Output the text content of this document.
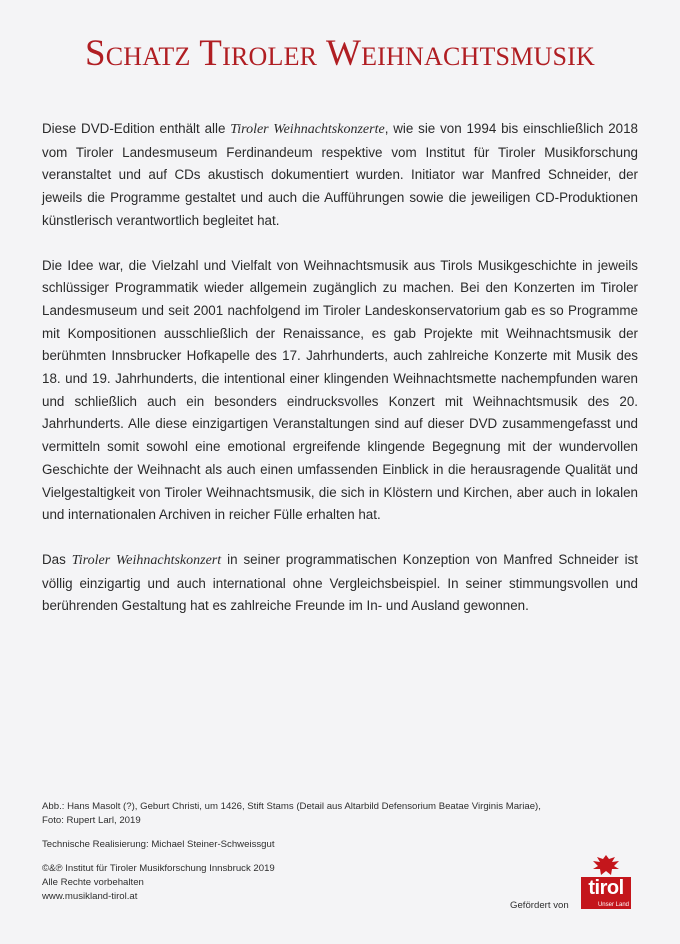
Schatz Tiroler Weihnachtsmusik

Diese DVD-Edition enthält alle Tiroler Weihnachtskonzerte, wie sie von 1994 bis einschließlich 2018 vom Tiroler Landesmuseum Ferdinandeum respektive vom Institut für Tiroler Musikforschung veranstaltet und auf CDs akustisch dokumentiert wurden. Initiator war Manfred Schneider, der jeweils die Programme gestaltet und auch die Aufführungen sowie die jeweiligen CD-Produktionen künstlerisch verantwortlich begleitet hat.

Die Idee war, die Vielzahl und Vielfalt von Weihnachtsmusik aus Tirols Musikgeschichte in jeweils schlüssiger Programmatik wieder allgemein zugänglich zu machen. Bei den Konzerten im Tiroler Landesmuseum und seit 2001 nachfolgend im Tiroler Landeskonservatorium gab es so Programme mit Kompositionen ausschließlich der Renaissance, es gab Projekte mit Weihnachtsmusik der berühmten Innsbrucker Hofkapelle des 17. Jahrhunderts, auch zahlreiche Konzerte mit Musik des 18. und 19. Jahrhunderts, die intentional einer klingenden Weihnachtsmette nachempfunden waren und schließlich auch ein besonders eindrucksvolles Konzert mit Weihnachtsmusik des 20. Jahrhunderts. Alle diese einzigartigen Veranstaltungen sind auf dieser DVD zusammengefasst und vermitteln somit sowohl eine emotional ergreifende klingende Begegnung mit der wundervollen Geschichte der Weihnacht als auch einen umfassenden Einblick in die herausragende Qualität und Vielgestaltigkeit von Tiroler Weihnachtsmusik, die sich in Klöstern und Kirchen, aber auch in lokalen und internationalen Archiven in reicher Fülle erhalten hat.

Das Tiroler Weihnachtskonzert in seiner programmatischen Konzeption von Manfred Schneider ist völlig einzigartig und auch international ohne Vergleichsbeispiel. In seiner stimmungsvollen und berührenden Gestaltung hat es zahlreiche Freunde im In- und Ausland gewonnen.

Abb.: Hans Masolt (?), Geburt Christi, um 1426, Stift Stams (Detail aus Altarbild Defensorium Beatae Virginis Mariae),
Foto: Rupert Larl, 2019
Technische Realisierung: Michael Steiner-Schweissgut
©&℗ Institut für Tiroler Musikforschung Innsbruck 2019
Alle Rechte vorbehalten
www.musikland-tirol.at
Gefördert von
tirol
Unser Land
